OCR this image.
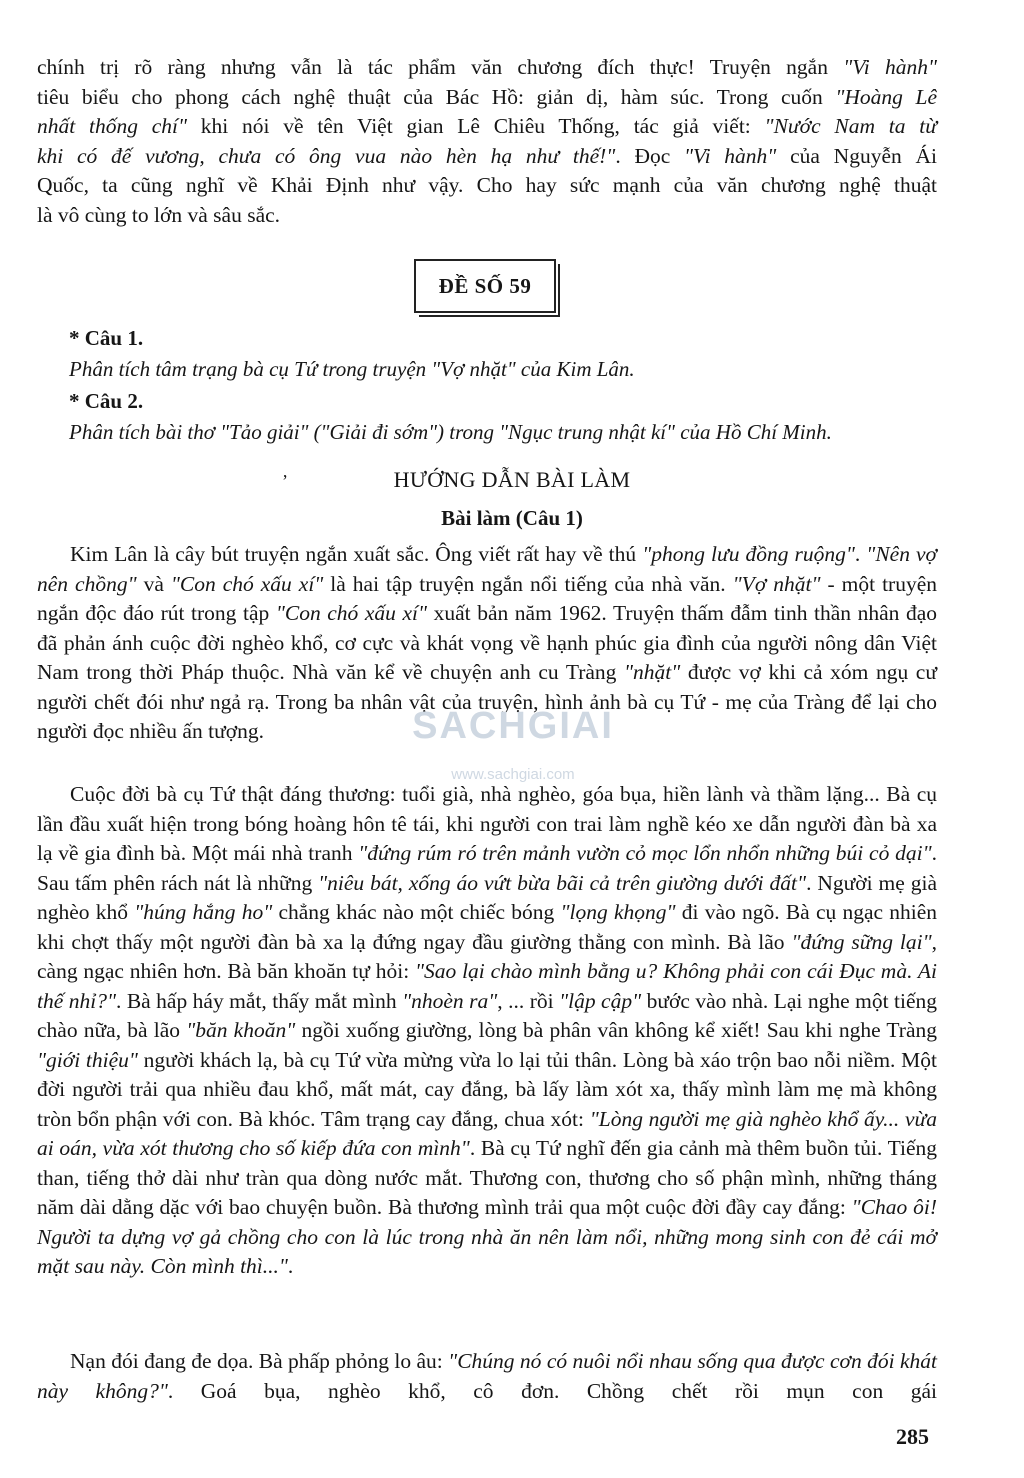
chính trị rõ ràng nhưng vẫn là tác phẩm văn chương đích thực! Truyện ngắn "Vi hành"
tiêu biểu cho phong cách nghệ thuật của Bác Hồ: giản dị, hàm súc. Trong cuốn "Hoàng Lê
nhất thống chí" khi nói về tên Việt gian Lê Chiêu Thống, tác giả viết: "Nước Nam ta từ
khi có đế vương, chưa có ông vua nào hèn hạ như thế!". Đọc "Vi hành" của Nguyễn Ái
Quốc, ta cũng nghĩ về Khải Định như vậy. Cho hay sức mạnh của văn chương nghệ thuật
là vô cùng to lớn và sâu sắc.
ĐỀ SỐ 59
* Câu 1.
Phân tích tâm trạng bà cụ Tứ trong truyện "Vợ nhặt" của Kim Lân.
* Câu 2.
Phân tích bài thơ "Tảo giải" ("Giải đi sớm") trong "Ngục trung nhật kí" của Hồ Chí Minh.
ʼ	HƯỚNG DẪN BÀI LÀM
Bài làm (Câu 1)
Kim Lân là cây bút truyện ngắn xuất sắc. Ông viết rất hay về thú "phong lưu đồng ruộng". "Nên vợ nên chồng" và "Con chó xấu xí" là hai tập truyện ngắn nổi tiếng của nhà văn. "Vợ nhặt" - một truyện ngắn độc đáo rút trong tập "Con chó xấu xí" xuất bản năm 1962. Truyện thấm đẫm tinh thần nhân đạo đã phản ánh cuộc đời nghèo khổ, cơ cực và khát vọng về hạnh phúc gia đình của người nông dân Việt Nam trong thời Pháp thuộc. Nhà văn kể về chuyện anh cu Tràng "nhặt" được vợ khi cả xóm ngụ cư người chết đói như ngả rạ. Trong ba nhân vật của truyện, hình ảnh bà cụ Tứ - mẹ của Tràng để lại cho người đọc nhiều ấn tượng.
Cuộc đời bà cụ Tứ thật đáng thương: tuổi già, nhà nghèo, góa bụa, hiền lành và thầm lặng... Bà cụ lần đầu xuất hiện trong bóng hoàng hôn tê tái, khi người con trai làm nghề kéo xe dẫn người đàn bà xa lạ về gia đình bà. Một mái nhà tranh "đứng rúm ró trên mảnh vườn cỏ mọc lổn nhổn những búi cỏ dại". Sau tấm phên rách nát là những "niêu bát, xống áo vứt bừa bãi cả trên giường dưới đất". Người mẹ già nghèo khổ "húng hắng ho" chẳng khác nào một chiếc bóng "lọng khọng" đi vào ngõ. Bà cụ ngạc nhiên khi chợt thấy một người đàn bà xa lạ đứng ngay đầu giường thằng con mình. Bà lão "đứng sững lại", càng ngạc nhiên hơn. Bà băn khoăn tự hỏi: "Sao lại chào mình bằng u? Không phải con cái Đục mà. Ai thế nhỉ?". Bà hấp háy mắt, thấy mắt mình "nhoèn ra", ... rồi "lập cập" bước vào nhà. Lại nghe một tiếng chào nữa, bà lão "băn khoăn" ngồi xuống giường, lòng bà phân vân không kể xiết! Sau khi nghe Tràng "giới thiệu" người khách lạ, bà cụ Tứ vừa mừng vừa lo lại tủi thân. Lòng bà xáo trộn bao nỗi niềm. Một đời người trải qua nhiều đau khổ, mất mát, cay đắng, bà lấy làm xót xa, thấy mình làm mẹ mà không tròn bổn phận với con. Bà khóc. Tâm trạng cay đắng, chua xót: "Lòng người mẹ già nghèo khổ ấy... vừa ai oán, vừa xót thương cho số kiếp đứa con mình". Bà cụ Tứ nghĩ đến gia cảnh mà thêm buồn tủi. Tiếng than, tiếng thở dài như tràn qua dòng nước mắt. Thương con, thương cho số phận mình, những tháng năm dài dằng dặc với bao chuyện buồn. Bà thương mình trải qua một cuộc đời đầy cay đắng: "Chao ôi! Người ta dựng vợ gả chồng cho con là lúc trong nhà ăn nên làm nổi, những mong sinh con đẻ cái mở mặt sau này. Còn mình thì...".
Nạn đói đang đe dọa. Bà phấp phỏng lo âu: "Chúng nó có nuôi nổi nhau sống qua được cơn đói khát này không?". Goá bụa, nghèo khổ, cô đơn. Chồng chết rồi mụn con gái
SACHGIAI
www.sachgiai.com
285
